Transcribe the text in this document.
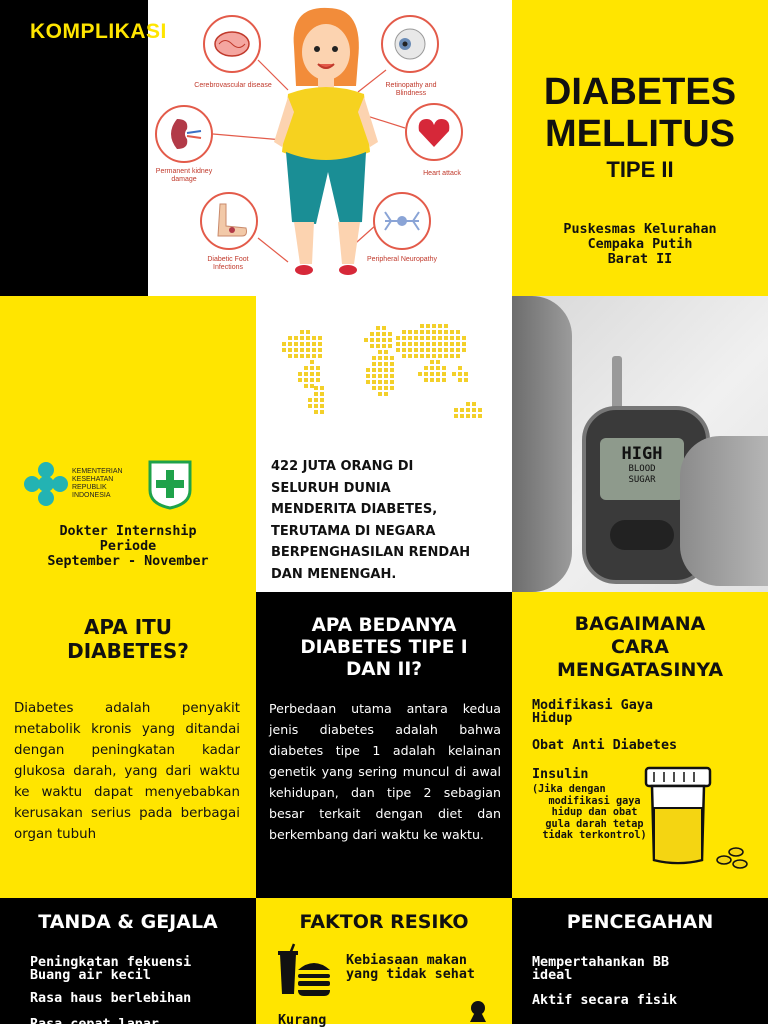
KOMPLIKASI
Cerebrovascular disease	Retinopathy and Blindness
Permanent kidney damage
Heart attack
Diabetic Foot Infections
Peripheral Neuropathy
DIABETES
MELLITUS
TIPE II
Puskesmas Kelurahan
Cempaka Putih
Barat II
KEMENTERIAN
KESEHATAN
REPUBLIK
INDONESIA
Dokter Internship
Periode
September - November
422 JUTA ORANG DI
SELURUH DUNIA
MENDERITA DIABETES,
TERUTAMA DI NEGARA
BERPENGHASILAN RENDAH
DAN MENENGAH.
HIGH
BLOOD
SUGAR
APA ITU
DIABETES?
Diabetes adalah penyakit metabolik kronis yang ditandai dengan peningkatan kadar glukosa darah, yang dari waktu ke waktu dapat menyebabkan kerusakan serius pada berbagai organ tubuh
APA BEDANYA
DIABETES TIPE I
DAN II?
Perbedaan utama antara kedua jenis diabetes adalah bahwa diabetes tipe 1 adalah kelainan genetik yang sering muncul di awal kehidupan, dan tipe 2 sebagian besar terkait dengan diet dan berkembang dari waktu ke waktu.
BAGAIMANA
CARA
MENGATASINYA
Modifikasi Gaya
Hidup
Obat Anti Diabetes
Insulin
(Jika dengan
modifikasi gaya
hidup dan obat
gula darah tetap
tidak terkontrol)
TANDA & GEJALA
Peningkatan fekuensi
Buang air kecil
Rasa haus berlebihan
Rasa cepat lapar
FAKTOR RESIKO
Kebiasaan makan
yang tidak sehat
Kurang
PENCEGAHAN
Mempertahankan BB
ideal
Aktif secara fisik
